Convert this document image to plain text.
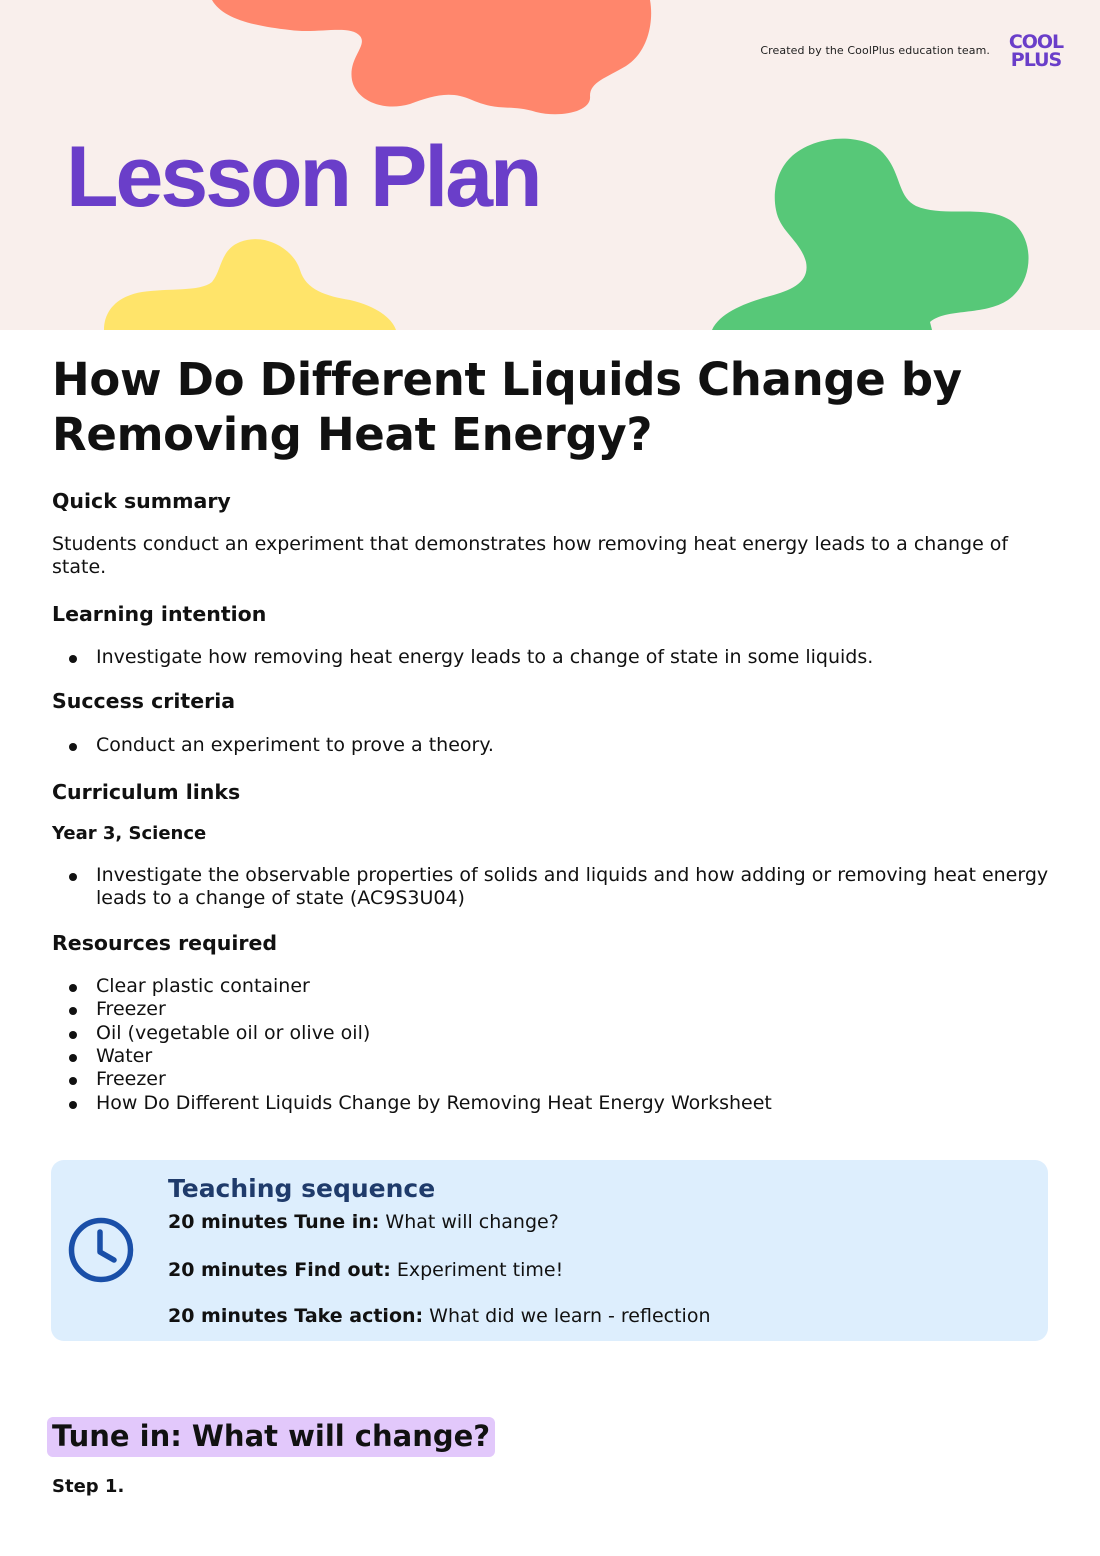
Created by the CoolPlus education team. COOL
PLUS
Lesson Plan
How Do Different Liquids Change by Removing Heat Energy?
Quick summary

Students conduct an experiment that demonstrates how removing heat energy leads to a change of state.

Learning intention
Investigate how removing heat energy leads to a change of state in some liquids.
Success criteria
Conduct an experiment to prove a theory.
Curriculum links
Year 3, Science
Investigate the observable properties of solids and liquids and how adding or removing heat energy leads to a change of state (AC9S3U04)
Resources required
Clear plastic container
Freezer
Oil (vegetable oil or olive oil)
Water
Freezer
How Do Different Liquids Change by Removing Heat Energy Worksheet
Teaching sequence
20 minutes Tune in: What will change?
20 minutes Find out: Experiment time!
20 minutes Take action: What did we learn - reflection
Tune in: What will change?
Step 1.
